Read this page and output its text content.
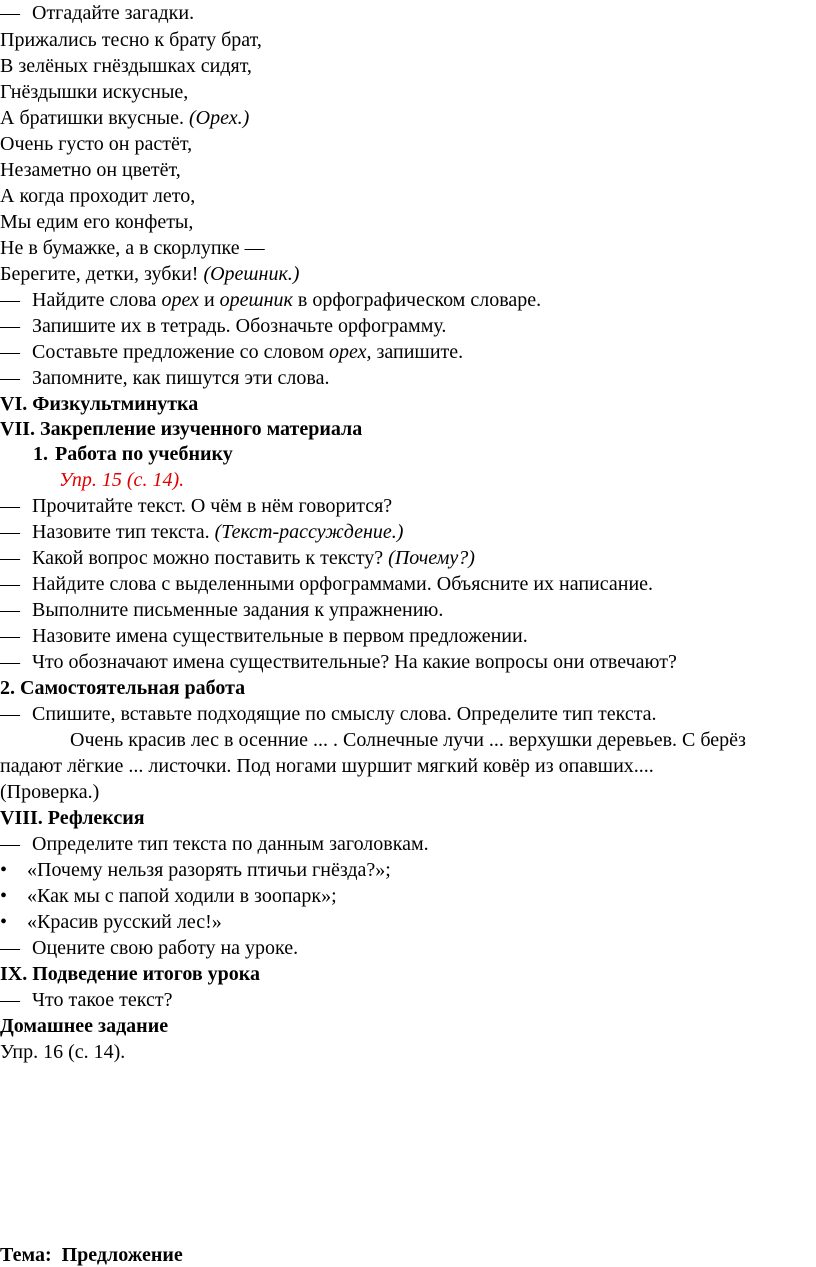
— Отгадайте загадки.
Прижались тесно к брату брат,
В зелёных гнёздышках сидят,
Гнёздышки искусные,
А братишки вкусные. (Орех.)
Очень густо он растёт,
Незаметно он цветёт,
А когда проходит лето,
Мы едим его конфеты,
Не в бумажке, а в скорлупке —
Берегите, детки, зубки! (Орешник.)
— Найдите слова орех и орешник в орфографическом словаре.
— Запишите их в тетрадь. Обозначьте орфограмму.
— Составьте предложение со словом орех, запишите.
— Запомните, как пишутся эти слова.
VI. Физкультминутка
VII. Закрепление изученного материала
1. Работа по учебнику
Упр. 15 (с. 14).
— Прочитайте текст. О чём в нём говорится?
— Назовите тип текста. (Текст-рассуждение.)
— Какой вопрос можно поставить к тексту? (Почему?)
— Найдите слова с выделенными орфограммами. Объясните их написание.
— Выполните письменные задания к упражнению.
— Назовите имена существительные в первом предложении.
— Что обозначают имена существительные? На какие вопросы они отвечают?
2. Самостоятельная работа
— Спишите, вставьте подходящие по смыслу слова. Определите тип текста.
Очень красив лес в осенние ... . Солнечные лучи ... верхушки деревьев. С берёз
падают лёгкие ... листочки. Под ногами шуршит мягкий ковёр из опавших....
(Проверка.)
VIII. Рефлексия
— Определите тип текста по данным заголовкам.
• «Почему нельзя разорять птичьи гнёзда?»;
• «Как мы с папой ходили в зоопарк»;
• «Красив русский лес!»
— Оцените свою работу на уроке.
IX. Подведение итогов урока
— Что такое текст?
Домашнее задание
Упр. 16 (с. 14).
Тема:  Предложение
